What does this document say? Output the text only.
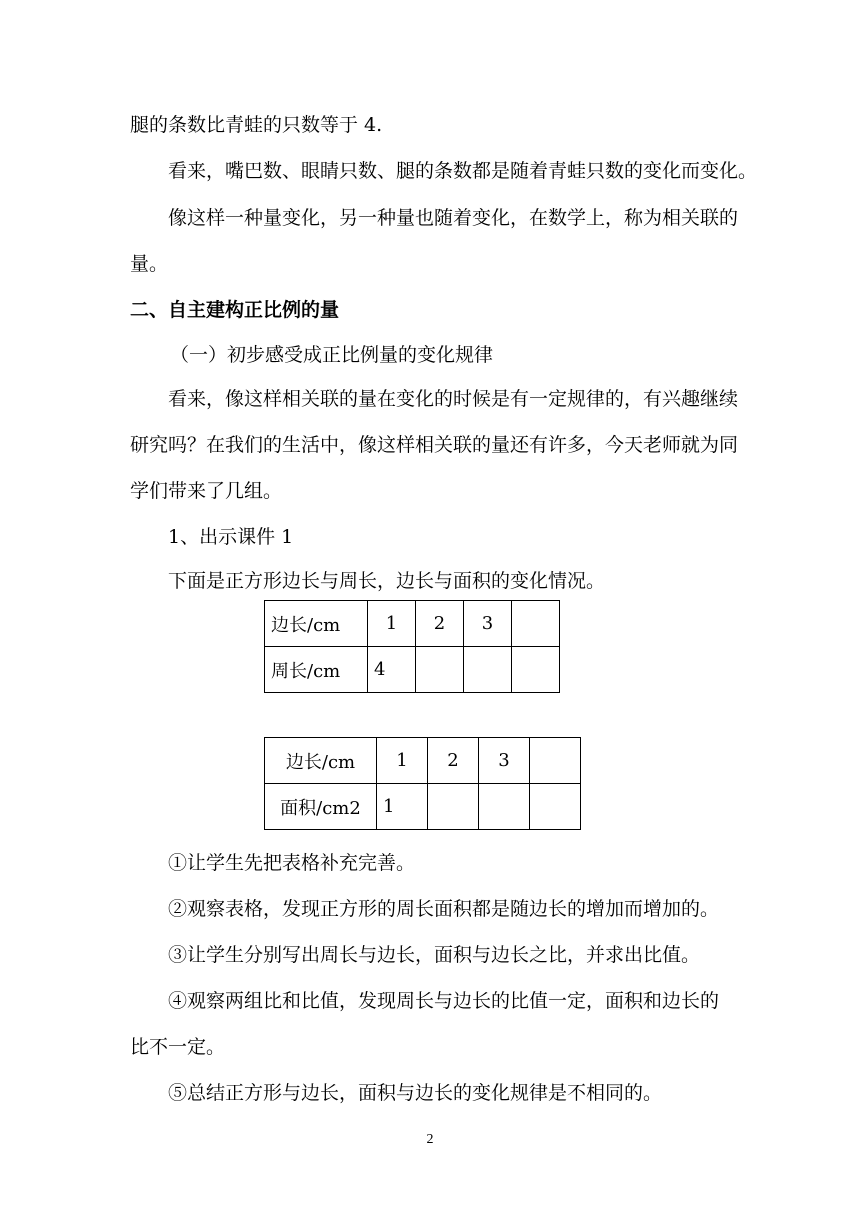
腿的条数比青蛙的只数等于 4.
看来，嘴巴数、眼睛只数、腿的条数都是随着青蛙只数的变化而变化。
像这样一种量变化，另一种量也随着变化，在数学上，称为相关联的
量。
二、自主建构正比例的量
（一）初步感受成正比例量的变化规律
看来，像这样相关联的量在变化的时候是有一定规律的，有兴趣继续
研究吗？在我们的生活中，像这样相关联的量还有许多，今天老师就为同
学们带来了几组。
1、出示课件 1
下面是正方形边长与周长，边长与面积的变化情况。
边长/cm	1	2	3	
周长/cm	4			
边长/cm	1	2	3	
面积/cm2	1			
①让学生先把表格补充完善。
②观察表格，发现正方形的周长面积都是随边长的增加而增加的。
③让学生分别写出周长与边长，面积与边长之比，并求出比值。
④观察两组比和比值，发现周长与边长的比值一定，面积和边长的
比不一定。
⑤总结正方形与边长，面积与边长的变化规律是不相同的。
2
